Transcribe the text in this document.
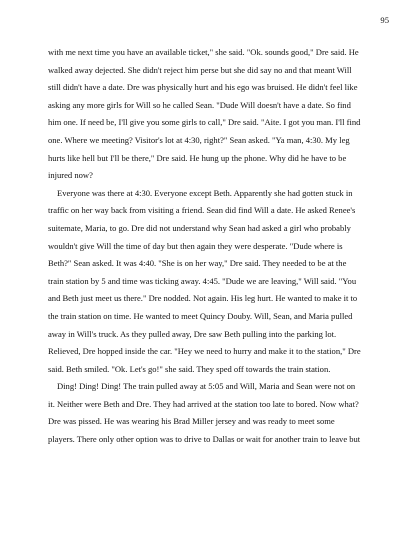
95
with me next time you have an available ticket," she said. "Ok. sounds good," Dre said. He
walked away dejected. She didn't reject him perse but she did say no and that meant Will
still didn't have a date. Dre was physically hurt and his ego was bruised. He didn't feel like
asking any more girls for Will so he called Sean. "Dude Will doesn't have a date. So find
him one. If need be, I'll give you some girls to call," Dre said. "Aite. I got you man. I'll find
one. Where we meeting? Visitor's lot at 4:30, right?" Sean asked. "Ya man, 4:30. My leg
hurts like hell but I'll be there," Dre said. He hung up the phone. Why did he have to be
injured now?
Everyone was there at 4:30. Everyone except Beth. Apparently she had gotten stuck in
traffic on her way back from visiting a friend. Sean did find Will a date. He asked Renee's
suitemate, Maria, to go. Dre did not understand why Sean had asked a girl who probably
wouldn't give Will the time of day but then again they were desperate. "Dude where is
Beth?" Sean asked. It was 4:40. "She is on her way," Dre said. They needed to be at the
train station by 5 and time was ticking away. 4:45. "Dude we are leaving," Will said. "You
and Beth just meet us there." Dre nodded. Not again. His leg hurt. He wanted to make it to
the train station on time. He wanted to meet Quincy Douby. Will, Sean, and Maria pulled
away in Will's truck. As they pulled away, Dre saw Beth pulling into the parking lot.
Relieved, Dre hopped inside the car. "Hey we need to hurry and make it to the station," Dre
said. Beth smiled. "Ok. Let's go!" she said. They sped off towards the train station.
Ding! Ding! Ding! The train pulled away at 5:05 and Will, Maria and Sean were not on
it. Neither were Beth and Dre. They had arrived at the station too late to bored. Now what?
Dre was pissed. He was wearing his Brad Miller jersey and was ready to meet some
players. There only other option was to drive to Dallas or wait for another train to leave but
